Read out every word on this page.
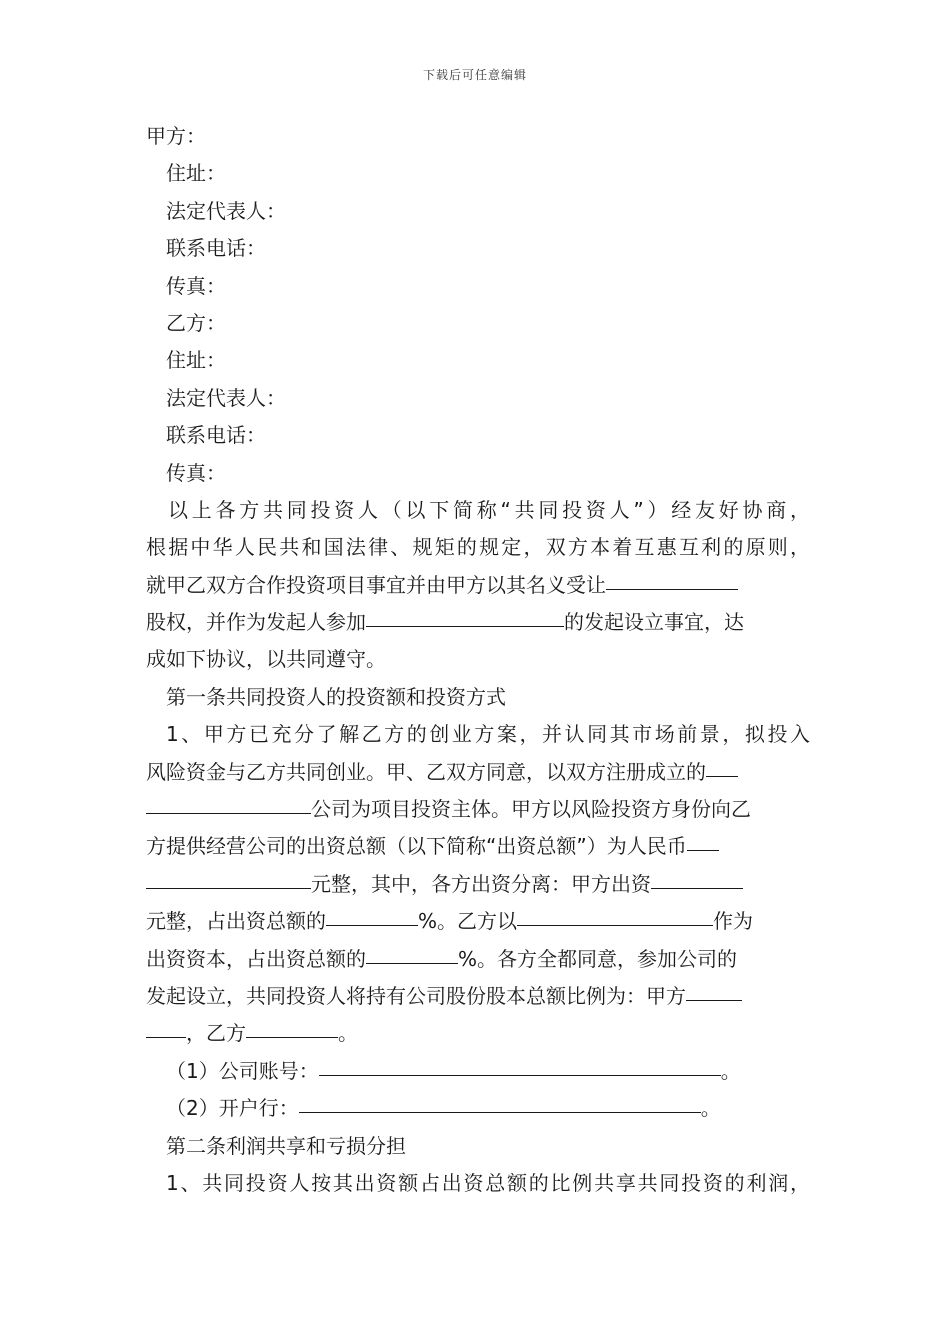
下载后可任意编辑
甲方：
住址：
法定代表人：
联系电话：
传真：
乙方：
住址：
法定代表人：
联系电话：
传真：
以上各方共同投资人（以下简称“共同投资人”）经友好协商，
根据中华人民共和国法律、规矩的规定，双方本着互惠互利的原则，
就甲乙双方合作投资项目事宜并由甲方以其名义受让
股权，并作为发起人参加	的发起设立事宜，达
成如下协议，以共同遵守。
第一条共同投资人的投资额和投资方式
1、甲方已充分了解乙方的创业方案，并认同其市场前景，拟投入
风险资金与乙方共同创业。甲、乙双方同意，以双方注册成立的
公司为项目投资主体。甲方以风险投资方身份向乙
方提供经营公司的出资总额（以下简称“出资总额”）为人民币
元整，其中，各方出资分离：甲方出资
元整，占出资总额的	%。乙方以	作为
出资资本，占出资总额的	%。各方全都同意，参加公司的
发起设立，共同投资人将持有公司股份股本总额比例为：甲方
，乙方	。
（1）公司账号：	。
（2）开户行：	。
第二条利润共享和亏损分担
1、共同投资人按其出资额占出资总额的比例共享共同投资的利润，
